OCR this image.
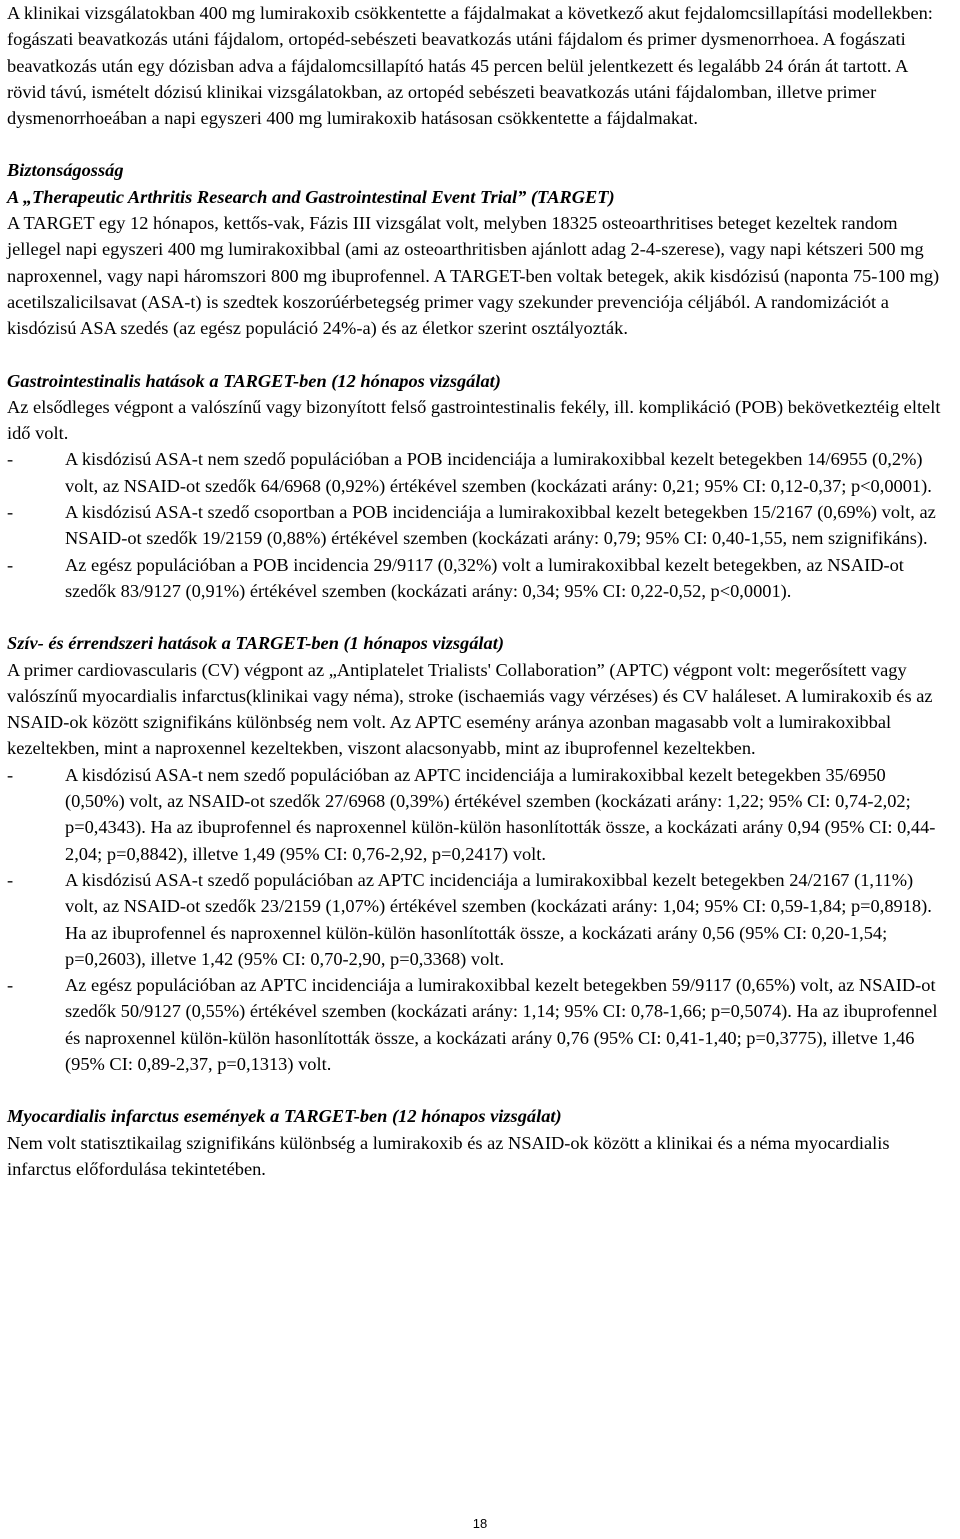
A klinikai vizsgálatokban 400 mg lumirakoxib csökkentette a fájdalmakat a következő akut fejdalomcsillapítási modellekben: fogászati beavatkozás utáni fájdalom, ortopéd-sebészeti beavatkozás utáni fájdalom és primer dysmenorrhoea. A fogászati beavatkozás után egy dózisban adva a fájdalomcsillapító hatás 45 percen belül jelentkezett és legalább 24 órán át tartott. A rövid távú, ismételt dózisú klinikai vizsgálatokban, az ortopéd sebészeti beavatkozás utáni fájdalomban, illetve primer dysmenorrhoeában a napi egyszeri 400 mg lumirakoxib hatásosan csökkentette a fájdalmakat.

Biztonságosság

A „Therapeutic Arthritis Research and Gastrointestinal Event Trial” (TARGET)

A TARGET egy 12 hónapos, kettős-vak, Fázis III vizsgálat volt, melyben 18325 osteoarthritises beteget kezeltek random jellegel napi egyszeri 400 mg lumirakoxibbal (ami az osteoarthritisben ajánlott adag 2-4-szerese), vagy napi kétszeri 500 mg naproxennel, vagy napi háromszori 800 mg ibuprofennel. A TARGET-ben voltak betegek, akik kisdózisú (naponta 75-100 mg) acetilszalicilsavat (ASA-t) is szedtek koszorúérbetegség primer vagy szekunder prevenciója céljából. A randomizációt a kisdózisú ASA szedés (az egész populáció 24%-a) és az életkor szerint osztályozták.

Gastrointestinalis hatások a TARGET-ben (12 hónapos vizsgálat)

Az elsődleges végpont a valószínű vagy bizonyított felső gastrointestinalis fekély, ill. komplikáció (POB) bekövetkeztéig eltelt idő volt.

-	A kisdózisú ASA-t nem szedő populációban a POB incidenciája a lumirakoxibbal kezelt betegekben 14/6955 (0,2%) volt, az NSAID-ot szedők 64/6968 (0,92%) értékével szemben (kockázati arány: 0,21; 95% CI: 0,12-0,37; p<0,0001).
-	A kisdózisú ASA-t szedő csoportban a POB incidenciája a lumirakoxibbal kezelt betegekben 15/2167 (0,69%) volt, az NSAID-ot szedők 19/2159 (0,88%) értékével szemben (kockázati arány: 0,79; 95% CI: 0,40-1,55, nem szignifikáns).
-	Az egész populációban a POB incidencia 29/9117 (0,32%) volt a lumirakoxibbal kezelt betegekben, az NSAID-ot szedők 83/9127 (0,91%) értékével szemben (kockázati arány: 0,34; 95% CI: 0,22-0,52, p<0,0001).

Szív- és érrendszeri hatások a TARGET-ben (1 hónapos vizsgálat)

A primer cardiovascularis (CV) végpont az „Antiplatelet Trialists' Collaboration” (APTC) végpont volt: megerősített vagy valószínű myocardialis infarctus(klinikai vagy néma), stroke (ischaemiás vagy vérzéses) és CV haláleset. A lumirakoxib és az NSAID-ok között szignifikáns különbség nem volt. Az APTC esemény aránya azonban magasabb volt a lumirakoxibbal kezeltekben, mint a naproxennel kezeltekben, viszont alacsonyabb, mint az ibuprofennel kezeltekben.

-	A kisdózisú ASA-t nem szedő populációban az APTC incidenciája a lumirakoxibbal kezelt betegekben 35/6950 (0,50%) volt, az NSAID-ot szedők 27/6968 (0,39%) értékével szemben (kockázati arány: 1,22; 95% CI: 0,74-2,02; p=0,4343). Ha az ibuprofennel és naproxennel külön-külön hasonlították össze, a kockázati arány 0,94 (95% CI: 0,44-2,04; p=0,8842), illetve 1,49 (95% CI: 0,76-2,92, p=0,2417) volt.
-	A kisdózisú ASA-t szedő populációban az APTC incidenciája a lumirakoxibbal kezelt betegekben 24/2167 (1,11%) volt, az NSAID-ot szedők 23/2159 (1,07%) értékével szemben (kockázati arány: 1,04; 95% CI: 0,59-1,84; p=0,8918). Ha az ibuprofennel és naproxennel külön-külön hasonlították össze, a kockázati arány 0,56 (95% CI: 0,20-1,54; p=0,2603), illetve 1,42 (95% CI: 0,70-2,90, p=0,3368) volt.
-	Az egész populációban az APTC incidenciája a lumirakoxibbal kezelt betegekben 59/9117 (0,65%) volt, az NSAID-ot szedők 50/9127 (0,55%) értékével szemben (kockázati arány: 1,14; 95% CI: 0,78-1,66; p=0,5074). Ha az ibuprofennel és naproxennel külön-külön hasonlították össze, a kockázati arány 0,76 (95% CI: 0,41-1,40; p=0,3775), illetve 1,46 (95% CI: 0,89-2,37, p=0,1313) volt.

Myocardialis infarctus események a TARGET-ben (12 hónapos vizsgálat)

Nem volt statisztikailag szignifikáns különbség a lumirakoxib és az NSAID-ok között a klinikai és a néma myocardialis infarctus előfordulása tekintetében.

18
